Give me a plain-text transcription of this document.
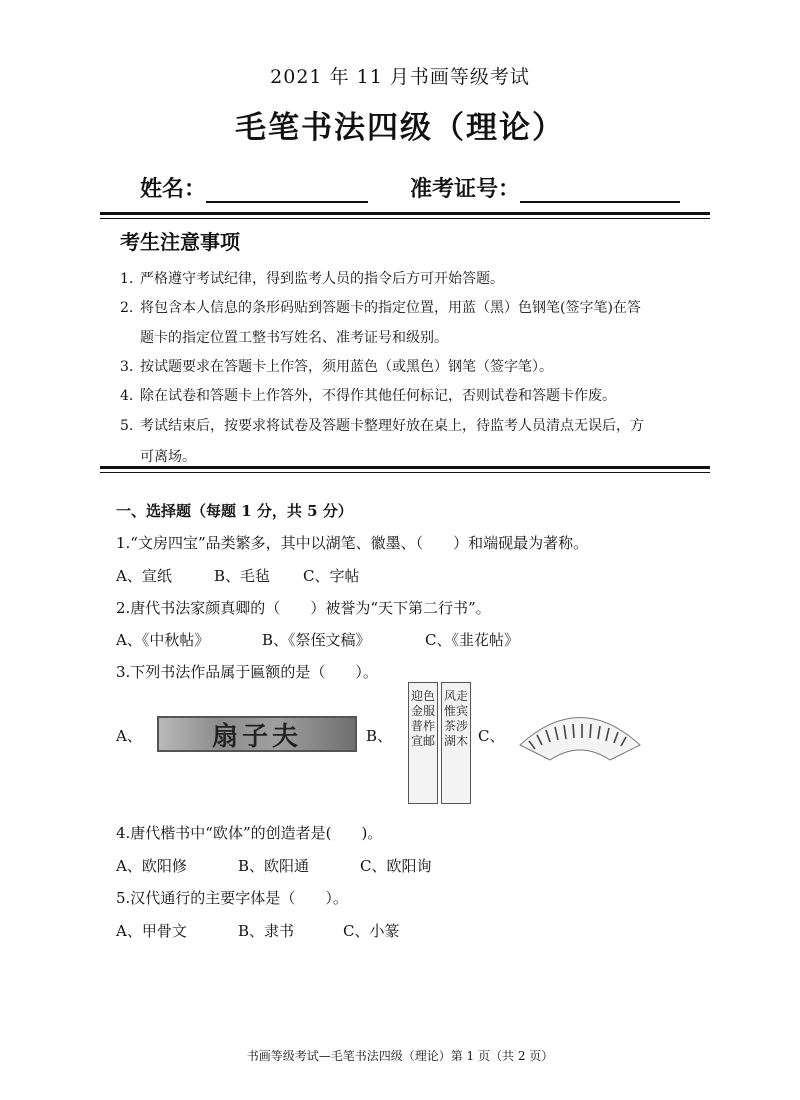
2021 年 11 月书画等级考试
毛笔书法四级（理论）
姓名：	准考证号：
考生注意事项
1. 严格遵守考试纪律，得到监考人员的指令后方可开始答题。
2. 将包含本人信息的条形码贴到答题卡的指定位置，用蓝（黑）色钢笔(签字笔)在答
题卡的指定位置工整书写姓名、准考证号和级别。
3. 按试题要求在答题卡上作答，须用蓝色（或黑色）钢笔（签字笔）。
4. 除在试卷和答题卡上作答外，不得作其他任何标记，否则试卷和答题卡作废。
5. 考试结束后，按要求将试卷及答题卡整理好放在桌上，待监考人员清点无误后，方
可离场。
一、选择题（每题 1 分，共 5 分）
1.“文房四宝”品类繁多，其中以湖笔、徽墨、（　　）和端砚最为著称。
A、宣纸	B、毛毡 C、字帖
2.唐代书法家颜真卿的（　　）被誉为“天下第二行书”。
A、《中秋帖》	B、《祭侄文稿》	C、《韭花帖》
3.下列书法作品属于匾额的是（　　）。
A、	扇子夫	B、
迎色金服普柞宣邮
风走惟宾茶涉湖木 C、
4.唐代楷书中“欧体”的创造者是(　　)。
A、欧阳修	B、欧阳通	C、欧阳询
5.汉代通行的主要字体是（　　）。
A、甲骨文	B、隶书	C、小篆
书画等级考试—毛笔书法四级（理论）第 1 页（共 2 页）
